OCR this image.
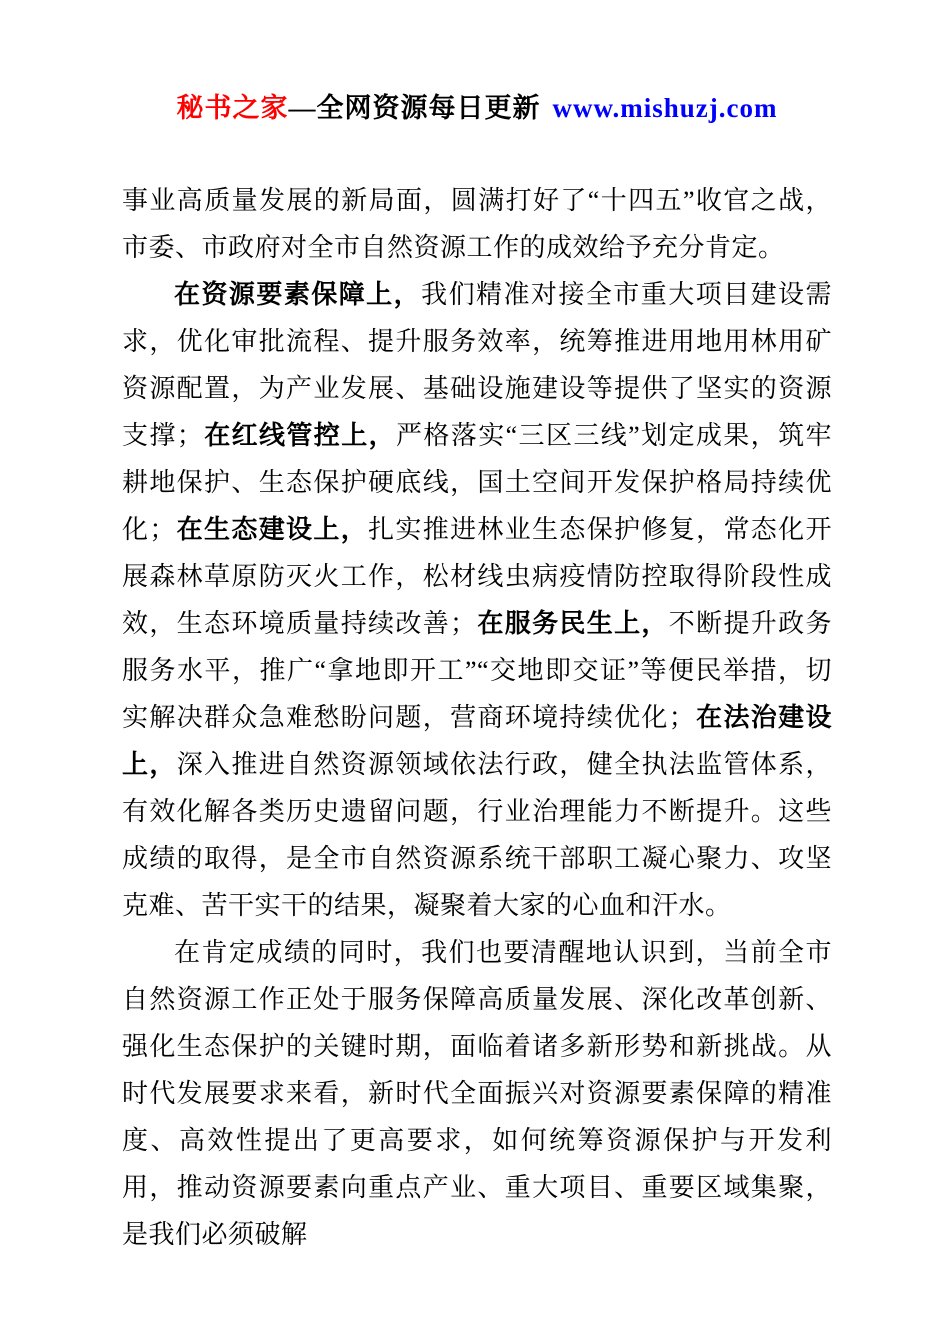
秘书之家—全网资源每日更新 www.mishuzj.com

事业高质量发展的新局面，圆满打好了“十四五”收官之战，市委、市政府对全市自然资源工作的成效给予充分肯定。

在资源要素保障上，我们精准对接全市重大项目建设需求，优化审批流程、提升服务效率，统筹推进用地用林用矿资源配置，为产业发展、基础设施建设等提供了坚实的资源支撑；在红线管控上，严格落实“三区三线”划定成果，筑牢耕地保护、生态保护硬底线，国土空间开发保护格局持续优化；在生态建设上，扎实推进林业生态保护修复，常态化开展森林草原防灭火工作，松材线虫病疫情防控取得阶段性成效，生态环境质量持续改善；在服务民生上，不断提升政务服务水平，推广“拿地即开工”“交地即交证”等便民举措，切实解决群众急难愁盼问题，营商环境持续优化；在法治建设上，深入推进自然资源领域依法行政，健全执法监管体系，有效化解各类历史遗留问题，行业治理能力不断提升。这些成绩的取得，是全市自然资源系统干部职工凝心聚力、攻坚克难、苦干实干的结果，凝聚着大家的心血和汗水。

在肯定成绩的同时，我们也要清醒地认识到，当前全市自然资源工作正处于服务保障高质量发展、深化改革创新、强化生态保护的关键时期，面临着诸多新形势和新挑战。从时代发展要求来看，新时代全面振兴对资源要素保障的精准度、高效性提出了更高要求，如何统筹资源保护与开发利用，推动资源要素向重点产业、重大项目、重要区域集聚，是我们必须破解
